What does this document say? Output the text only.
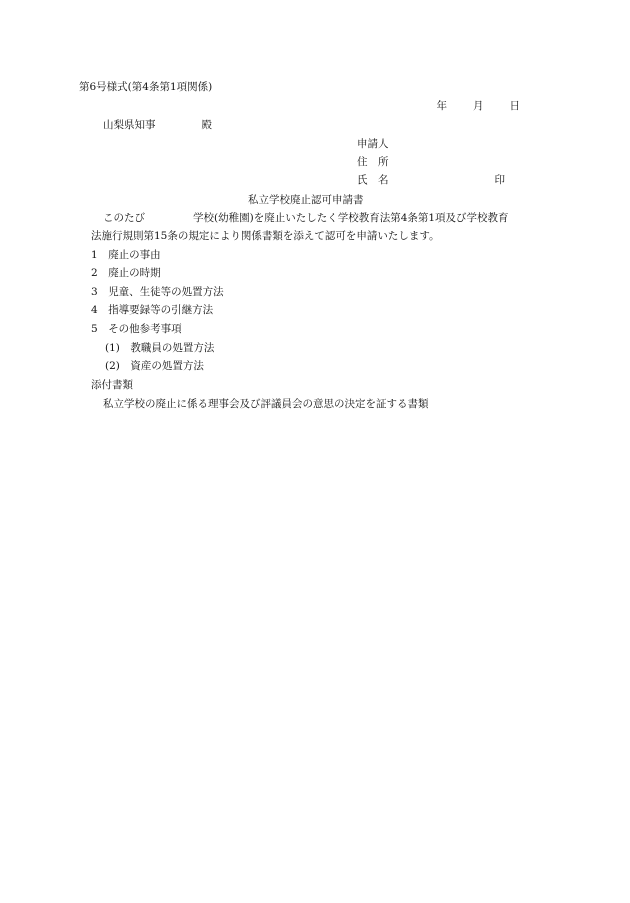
第6号様式(第4条第1項関係)
年 月 日
山梨県知事	殿
申請人
住　所
氏　名	印
私立学校廃止認可申請書
このたび	学校(幼稚園)を廃止いたしたく学校教育法第4条第1項及び学校教育
法施行規則第15条の規定により関係書類を添えて認可を申請いたします。
1　 廃止の事由
2　 廃止の時期
3　 児童、生徒等の処置方法
4　 指導要録等の引継方法
5　 その他参考事項
(1)　 教職員の処置方法
(2)　 資産の処置方法
添付書類
私立学校の廃止に係る理事会及び評議員会の意思の決定を証する書類
